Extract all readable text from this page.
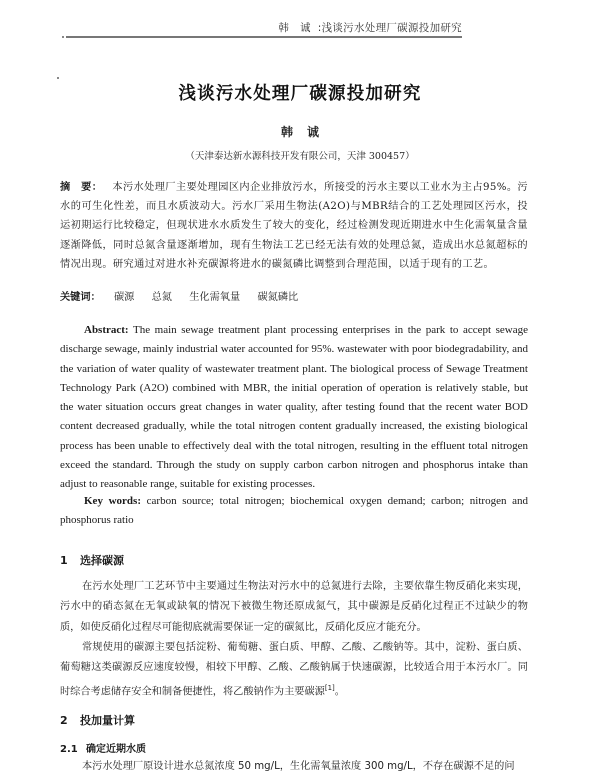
韩　诚 :浅谈污水处理厂碳源投加研究
浅谈污水处理厂碳源投加研究
韩诚
（天津泰达新水源科技开发有限公司，天津 300457）
摘　要： 本污水处理厂主要处理园区内企业排放污水，所接受的污水主要以工业水为主占95%。污水的可生化性差，而且水质波动大。污水厂采用生物法(A2O)与MBR结合的工艺处理园区污水，投运初期运行比较稳定，但现状进水水质发生了较大的变化，经过检测发现近期进水中生化需氧量含量逐渐降低，同时总氮含量逐渐增加，现有生物法工艺已经无法有效的处理总氮，造成出水总氮超标的情况出现。研究通过对进水补充碳源将进水的碳氮磷比调整到合理范围，以适于现有的工艺。
关键词： 碳源 总氮 生化需氧量 碳氮磷比
Abstract: The main sewage treatment plant processing enterprises in the park to accept sewage discharge sewage, mainly industrial water accounted for 95%. wastewater with poor biodegradability, and the variation of water quality of wastewater treatment plant. The biological process of Sewage Treatment Technology Park (A2O) combined with MBR, the initial operation of operation is relatively stable, but the water situation occurs great changes in water quality, after testing found that the recent water BOD content decreased gradually, while the total nitrogen content gradually increased, the existing biological process has been unable to effectively deal with the total nitrogen, resulting in the effluent total nitrogen exceed the standard. Through the study on supply carbon carbon nitrogen and phosphorus intake than adjust to reasonable range, suitable for existing processes.
Key words: carbon source; total nitrogen; biochemical oxygen demand; carbon; nitrogen and phosphorus ratio
1 选择碳源

在污水处理厂工艺环节中主要通过生物法对污水中的总氮进行去除，主要依靠生物反硝化来实现，污水中的硝态氮在无氧或缺氧的情况下被微生物还原成氮气，其中碳源是反硝化过程正不过缺少的物质，如使反硝化过程尽可能彻底就需要保证一定的碳氮比，反硝化反应才能充分。

常规使用的碳源主要包括淀粉、葡萄糖、蛋白质、甲醇、乙酸、乙酸钠等。其中，淀粉、蛋白质、葡萄糖这类碳源反应速度较慢，相较下甲醇、乙酸、乙酸钠属于快速碳源，比较适合用于本污水厂。同时综合考虑储存安全和制备便捷性，将乙酸钠作为主要碳源[1]。

2 投加量计算
2.1 确定近期水质

本污水处理厂原设计进水总氮浓度 50 mg/L，生化需氧量浓度 300 mg/L，不存在碳源不足的问
